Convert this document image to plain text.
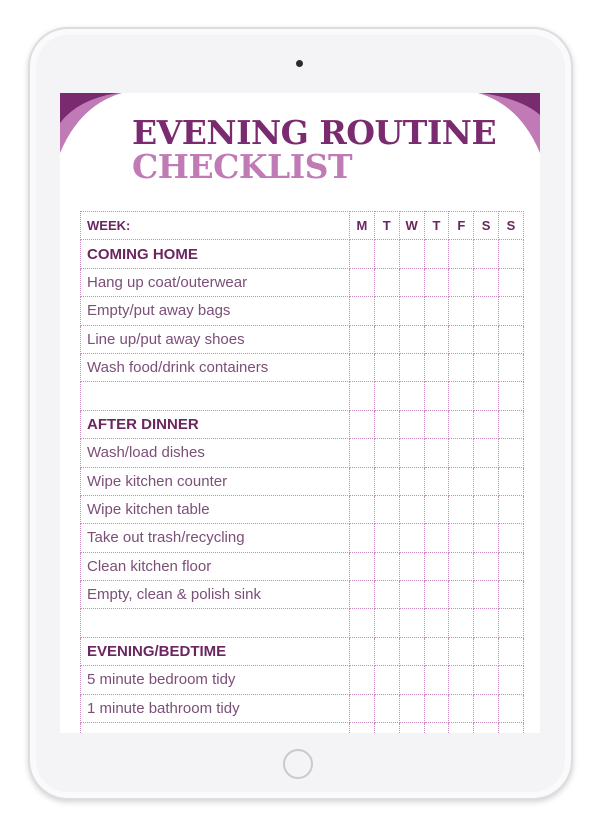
EVENING ROUTINE
CHECKLIST
WEEK:	M	T	W	T	F	S	S
COMING HOME							
Hang up coat/outerwear							
Empty/put away bags							
Line up/put away shoes							
Wash food/drink containers							

AFTER DINNER							
Wash/load dishes							
Wipe kitchen counter							
Wipe kitchen table							
Take out trash/recycling							
Clean kitchen floor							
Empty, clean & polish sink							

EVENING/BEDTIME							
5 minute bedroom tidy							
1 minute bathroom tidy							
